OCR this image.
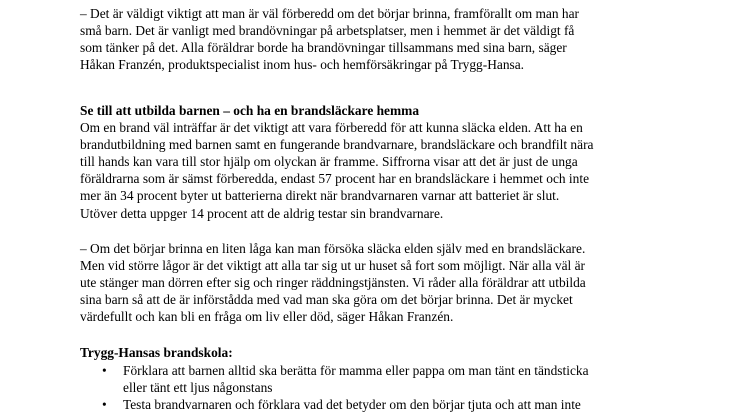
– Det är väldigt viktigt att man är väl förberedd om det börjar brinna, framförallt om man har
små barn. Det är vanligt med brandövningar på arbetsplatser, men i hemmet är det väldigt få
som tänker på det. Alla föräldrar borde ha brandövningar tillsammans med sina barn, säger
Håkan Franzén, produktspecialist inom hus- och hemförsäkringar på Trygg-Hansa.
Se till att utbilda barnen – och ha en brandsläckare hemma
Om en brand väl inträffar är det viktigt att vara förberedd för att kunna släcka elden. Att ha en
brandutbildning med barnen samt en fungerande brandvarnare, brandsläckare och brandfilt nära
till hands kan vara till stor hjälp om olyckan är framme. Siffrorna visar att det är just de unga
föräldrarna som är sämst förberedda, endast 57 procent har en brandsläckare i hemmet och inte
mer än 34 procent byter ut batterierna direkt när brandvarnaren varnar att batteriet är slut.
Utöver detta uppger 14 procent att de aldrig testar sin brandvarnare.
– Om det börjar brinna en liten låga kan man försöka släcka elden själv med en brandsläckare.
Men vid större lågor är det viktigt att alla tar sig ut ur huset så fort som möjligt. När alla väl är
ute stänger man dörren efter sig och ringer räddningstjänsten. Vi råder alla föräldrar att utbilda
sina barn så att de är införstådda med vad man ska göra om det börjar brinna. Det är mycket
värdefullt och kan bli en fråga om liv eller död, säger Håkan Franzén.
Trygg-Hansas brandskola:
• Förklara att barnen alltid ska berätta för mamma eller pappa om man tänt en tändsticka
eller tänt ett ljus någonstans
• Testa brandvarnaren och förklara vad det betyder om den börjar tjuta och att man inte
